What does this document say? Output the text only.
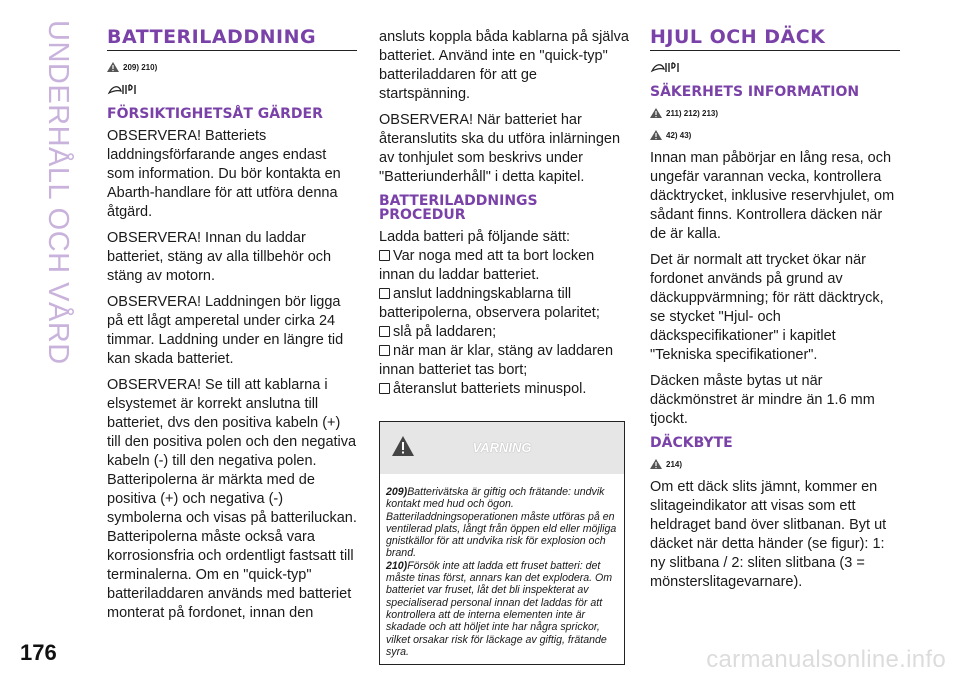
UNDERHÅLL OCH VÅRD BATTERILADDNING
209) 210)
FÖRSIKTIGHETSÅT GÄRDER

OBSERVERA! Batteriets laddningsförfarande anges endast som information. Du bör kontakta en Abarth-handlare för att utföra denna åtgärd.

OBSERVERA! Innan du laddar batteriet, stäng av alla tillbehör och stäng av motorn.

OBSERVERA! Laddningen bör ligga på ett lågt amperetal under cirka 24 timmar. Laddning under en längre tid kan skada batteriet.

OBSERVERA! Se till att kablarna i elsystemet är korrekt anslutna till batteriet, dvs den positiva kabeln (+) till den positiva polen och den negativa kabeln (-) till den negativa polen. Batteripolerna är märkta med de positiva (+) och negativa (-) symbolerna och visas på batteriluckan. Batteripolerna måste också vara korrosionsfria och ordentligt fastsatt till terminalerna. Om en "quick-typ" batteriladdaren används med batteriet monterat på fordonet, innan den

ansluts koppla båda kablarna på själva batteriet. Använd inte en "quick-typ" batteriladdaren för att ge startspänning.

OBSERVERA! När batteriet har återanslutits ska du utföra inlärningen av tonhjulet som beskrivs under "Batteriunderhåll" i detta kapitel.

BATTERILADDNINGS PROCEDUR
Ladda batteri på följande sätt:
Var noga med att ta bort locken innan du laddar batteriet.
anslut laddningskablarna till batteripolerna, observera polaritet;
slå på laddaren;
när man är klar, stäng av laddaren innan batteriet tas bort;
återanslut batteriets minuspol.
VARNING
209)Batterivätska är giftig och frätande: undvik kontakt med hud och ögon. Batteriladdningsoperationen måste utföras på en ventilerad plats, långt från öppen eld eller möjliga gnistkällor för att undvika risk för explosion och brand.
210)Försök inte att ladda ett fruset batteri: det måste tinas först, annars kan det explodera. Om batteriet var fruset, låt det bli inspekterat av specialiserad personal innan det laddas för att kontrollera att de interna elementen inte är skadade och att höljet inte har några sprickor, vilket orsakar risk för läckage av giftig, frätande syra.
HJUL OCH DÄCK
SÄKERHETS INFORMATION
211) 212) 213)
42) 43)

Innan man påbörjar en lång resa, och ungefär varannan vecka, kontrollera däcktrycket, inklusive reservhjulet, om sådant finns. Kontrollera däcken när de är kalla.

Det är normalt att trycket ökar när fordonet används på grund av däckuppvärmning; för rätt däcktryck, se stycket "Hjul- och däckspecifikationer" i kapitlet "Tekniska specifikationer".

Däcken måste bytas ut när däckmönstret är mindre än 1.6 mm tjockt.

DÄCKBYTE
214)

Om ett däck slits jämnt, kommer en slitageindikator att visas som ett heldraget band över slitbanan. Byt ut däcket när detta händer (se figur): 1: ny slitbana / 2: sliten slitbana (3 = mönsterslitagevarnare).

176	carmanualsonline.info
